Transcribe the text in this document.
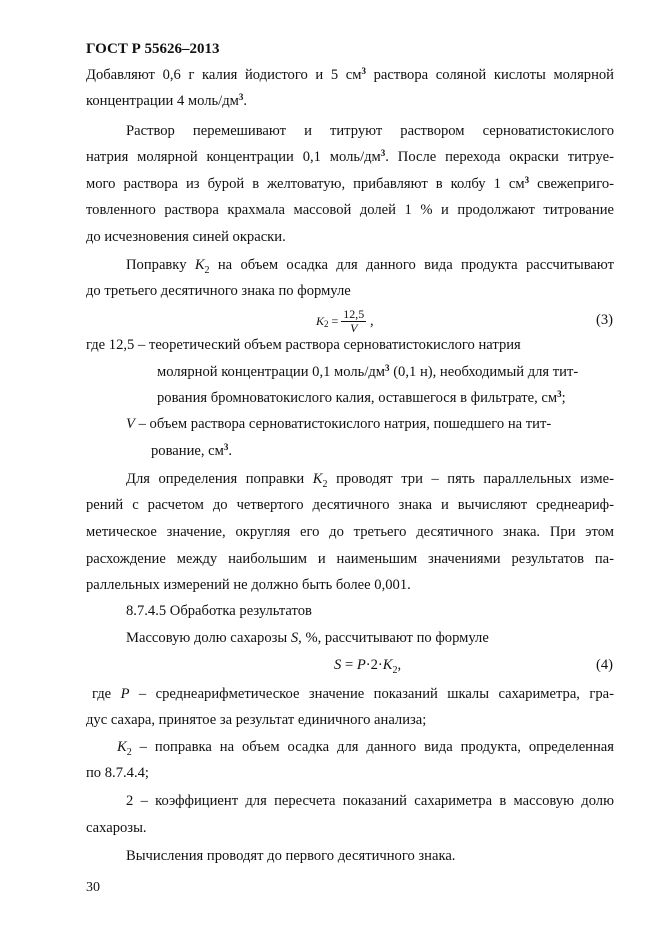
ГОСТ Р 55626–2013
Добавляют 0,6 г калия йодистого и 5 $см^3$ раствора соляной кислоты молярной
концентрации 4 моль/$дм^3$.
Раствор перемешивают и титруют раствором серноватистокислого
натрия молярной концентрации 0,1 моль/$дм^3$. После перехода окраски титруе-
мого раствора из бурой в желтоватую, прибавляют в колбу 1 $см^3$ свежеприго-
товленного раствора крахмала массовой долей 1 % и продолжают титрование
до исчезновения синей окраски.
Поправку $K_2$ на объем осадка для данного вида продукта рассчитывают
до третьего десятичного знака по формуле
$K_2 = \frac{12,5}{V}$ ,	(3)
где 12,5 – теоретический объем раствора серноватистокислого натрия
молярной концентрации 0,1 моль/$дм^3$ (0,1 н), необходимый для тит-
рования бромноватокислого калия, оставшегося в фильтрате, $см^3$;
V – объем раствора серноватистокислого натрия, пошедшего на тит-
рование, $см^3$.
Для определения поправки $K_2$ проводят три – пять параллельных изме-
рений с расчетом до четвертого десятичного знака и вычисляют среднеариф-
метическое значение, округляя его до третьего десятичного знака. При этом
расхождение между наибольшим и наименьшим значениями результатов па-
раллельных измерений не должно быть более 0,001.
8.7.4.5 Обработка результатов
Массовую долю сахарозы S, %, рассчитывают по формуле
$S = P\cdot 2\cdot K_2$,	(4)
где P – среднеарифметическое значение показаний шкалы сахариметра, гра-
дус сахара, принятое за результат единичного анализа;
$K_2$ – поправка на объем осадка для данного вида продукта, определенная
по 8.7.4.4;
2 – коэффициент для пересчета показаний сахариметра в массовую долю
сахарозы.
Вычисления проводят до первого десятичного знака.
30
